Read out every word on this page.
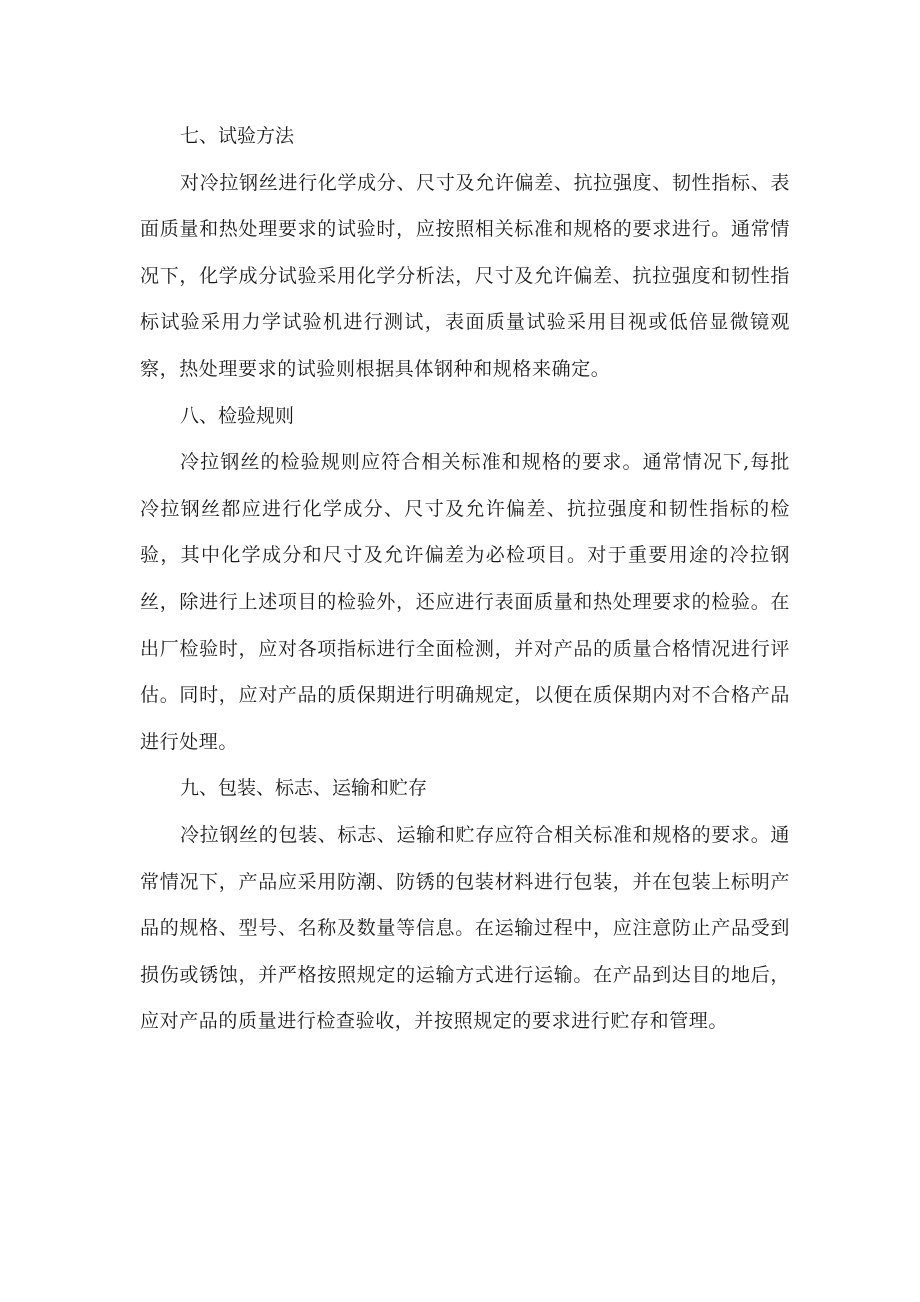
七、试验方法

对冷拉钢丝进行化学成分、尺寸及允许偏差、抗拉强度、韧性指标、表面质量和热处理要求的试验时，应按照相关标准和规格的要求进行。通常情况下，化学成分试验采用化学分析法，尺寸及允许偏差、抗拉强度和韧性指标试验采用力学试验机进行测试，表面质量试验采用目视或低倍显微镜观察，热处理要求的试验则根据具体钢种和规格来确定。

八、检验规则

冷拉钢丝的检验规则应符合相关标准和规格的要求。通常情况下,每批冷拉钢丝都应进行化学成分、尺寸及允许偏差、抗拉强度和韧性指标的检验，其中化学成分和尺寸及允许偏差为必检项目。对于重要用途的冷拉钢丝，除进行上述项目的检验外，还应进行表面质量和热处理要求的检验。在出厂检验时，应对各项指标进行全面检测，并对产品的质量合格情况进行评估。同时，应对产品的质保期进行明确规定，以便在质保期内对不合格产品进行处理。

九、包装、标志、运输和贮存

冷拉钢丝的包装、标志、运输和贮存应符合相关标准和规格的要求。通常情况下，产品应采用防潮、防锈的包装材料进行包装，并在包装上标明产品的规格、型号、名称及数量等信息。在运输过程中，应注意防止产品受到损伤或锈蚀，并严格按照规定的运输方式进行运输。在产品到达目的地后，应对产品的质量进行检查验收，并按照规定的要求进行贮存和管理。
